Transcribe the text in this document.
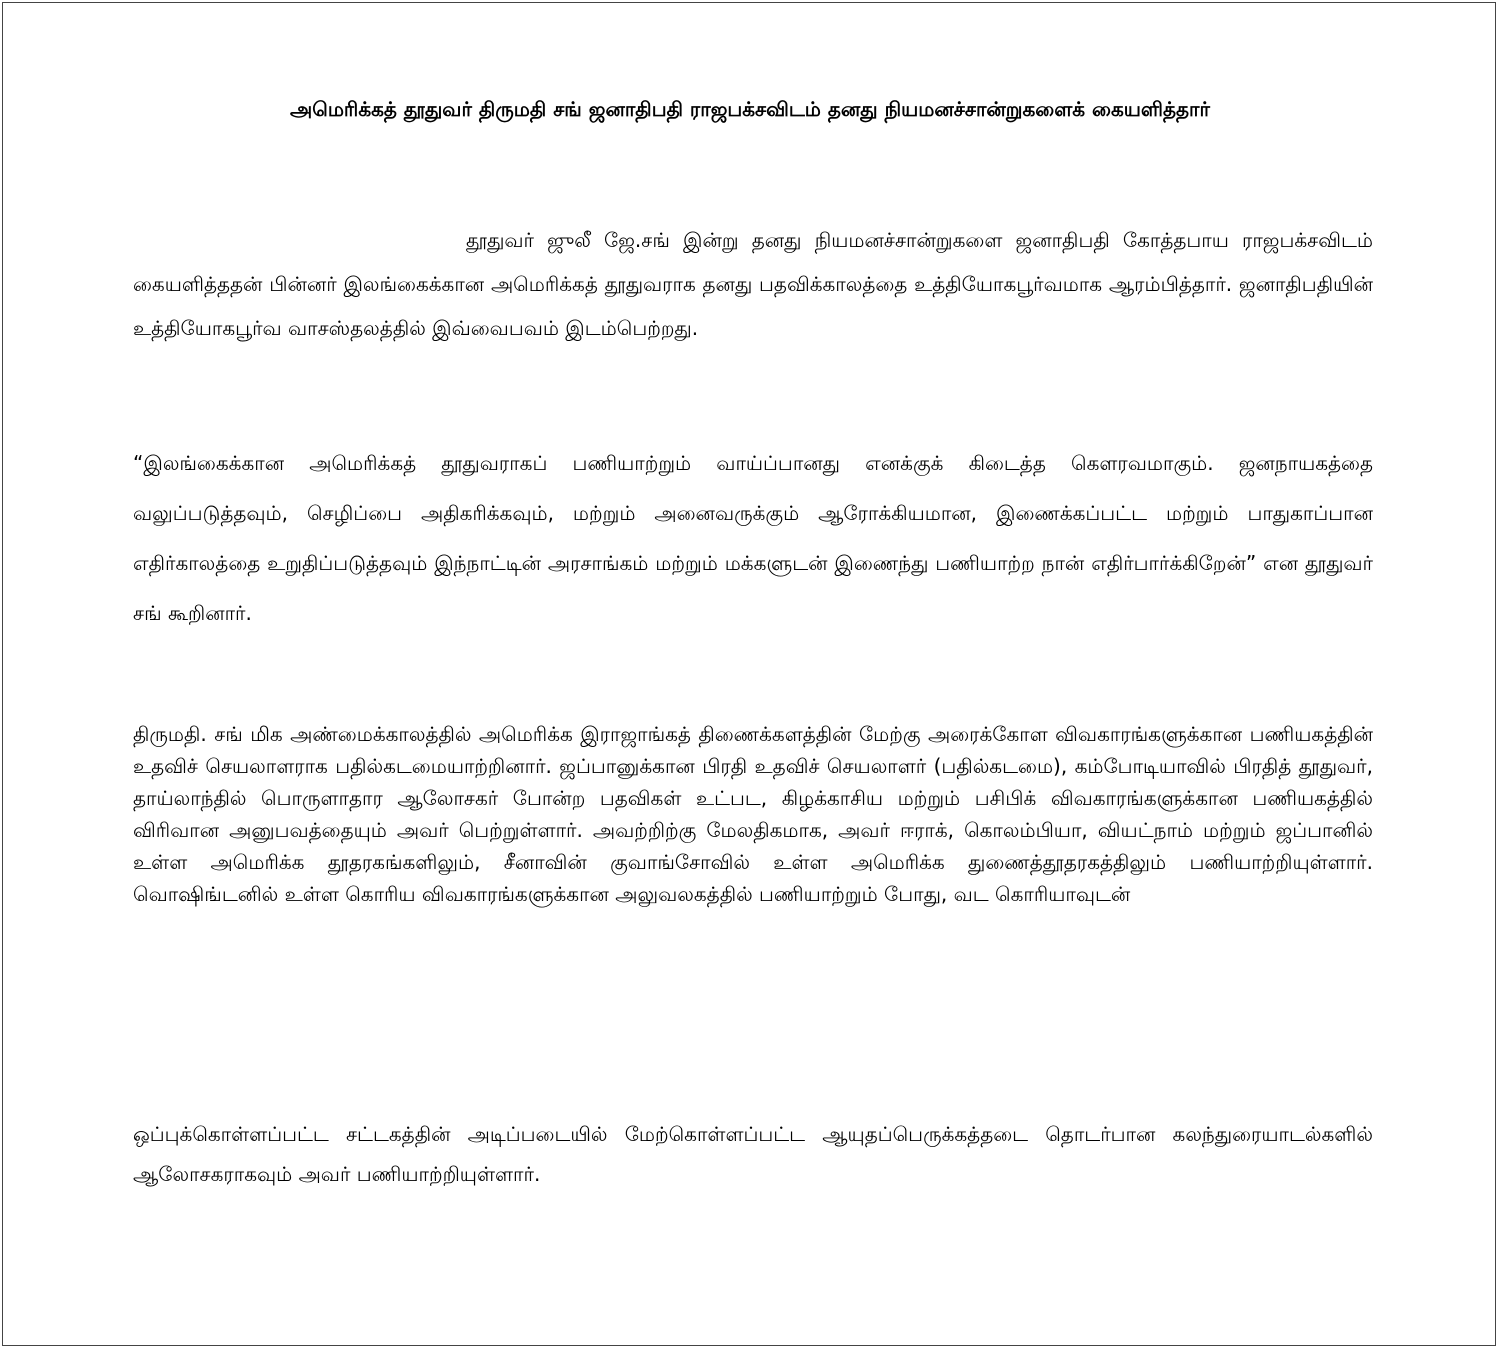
அமெரிக்கத் தூதுவர் திருமதி சங் ஜனாதிபதி ராஜபக்சவிடம் தனது நியமனச்சான்றுகளைக் கையளித்தார்

தூதுவர் ஜுலீ ஜே.சங் இன்று தனது நியமனச்சான்றுகளை ஜனாதிபதி கோத்தபாய ராஜபக்சவிடம் கையளித்ததன் பின்னர் இலங்கைக்கான அமெரிக்கத் தூதுவராக தனது பதவிக்காலத்தை உத்தியோகபூர்வமாக ஆரம்பித்தார். ஜனாதிபதியின் உத்தியோகபூர்வ வாசஸ்தலத்தில் இவ்வைபவம் இடம்பெற்றது.

“இலங்கைக்கான அமெரிக்கத் தூதுவராகப் பணியாற்றும் வாய்ப்பானது எனக்குக் கிடைத்த கௌரவமாகும். ஜனநாயகத்தை வலுப்படுத்தவும், செழிப்பை அதிகரிக்கவும், மற்றும் அனைவருக்கும் ஆரோக்கியமான, இணைக்கப்பட்ட மற்றும் பாதுகாப்பான எதிர்காலத்தை உறுதிப்படுத்தவும் இந்நாட்டின் அரசாங்கம் மற்றும் மக்களுடன் இணைந்து பணியாற்ற நான் எதிர்பார்க்கிறேன்” என தூதுவர் சங் கூறினார்.

திருமதி. சங் மிக அண்மைக்காலத்தில் அமெரிக்க இராஜாங்கத் திணைக்களத்தின் மேற்கு அரைக்கோள விவகாரங்களுக்கான பணியகத்தின் உதவிச் செயலாளராக பதில்கடமையாற்றினார். ஜப்பானுக்கான பிரதி உதவிச் செயலாளர் (பதில்கடமை), கம்போடியாவில் பிரதித் தூதுவர், தாய்லாந்தில் பொருளாதார ஆலோசகர் போன்ற பதவிகள் உட்பட, கிழக்காசிய மற்றும் பசிபிக் விவகாரங்களுக்கான பணியகத்தில் விரிவான அனுபவத்தையும் அவர் பெற்றுள்ளார். அவற்றிற்கு மேலதிகமாக, அவர் ஈராக், கொலம்பியா, வியட்நாம் மற்றும் ஜப்பானில் உள்ள அமெரிக்க தூதரகங்களிலும், சீனாவின் குவாங்சோவில் உள்ள அமெரிக்க துணைத்தூதரகத்திலும் பணியாற்றியுள்ளார். வொஷிங்டனில் உள்ள கொரிய விவகாரங்களுக்கான அலுவலகத்தில் பணியாற்றும் போது, வட கொரியாவுடன்

ஒப்புக்கொள்ளப்பட்ட சட்டகத்தின் அடிப்படையில் மேற்கொள்ளப்பட்ட ஆயுதப்பெருக்கத்தடை தொடர்பான கலந்துரையாடல்களில் ஆலோசகராகவும் அவர் பணியாற்றியுள்ளார்.
